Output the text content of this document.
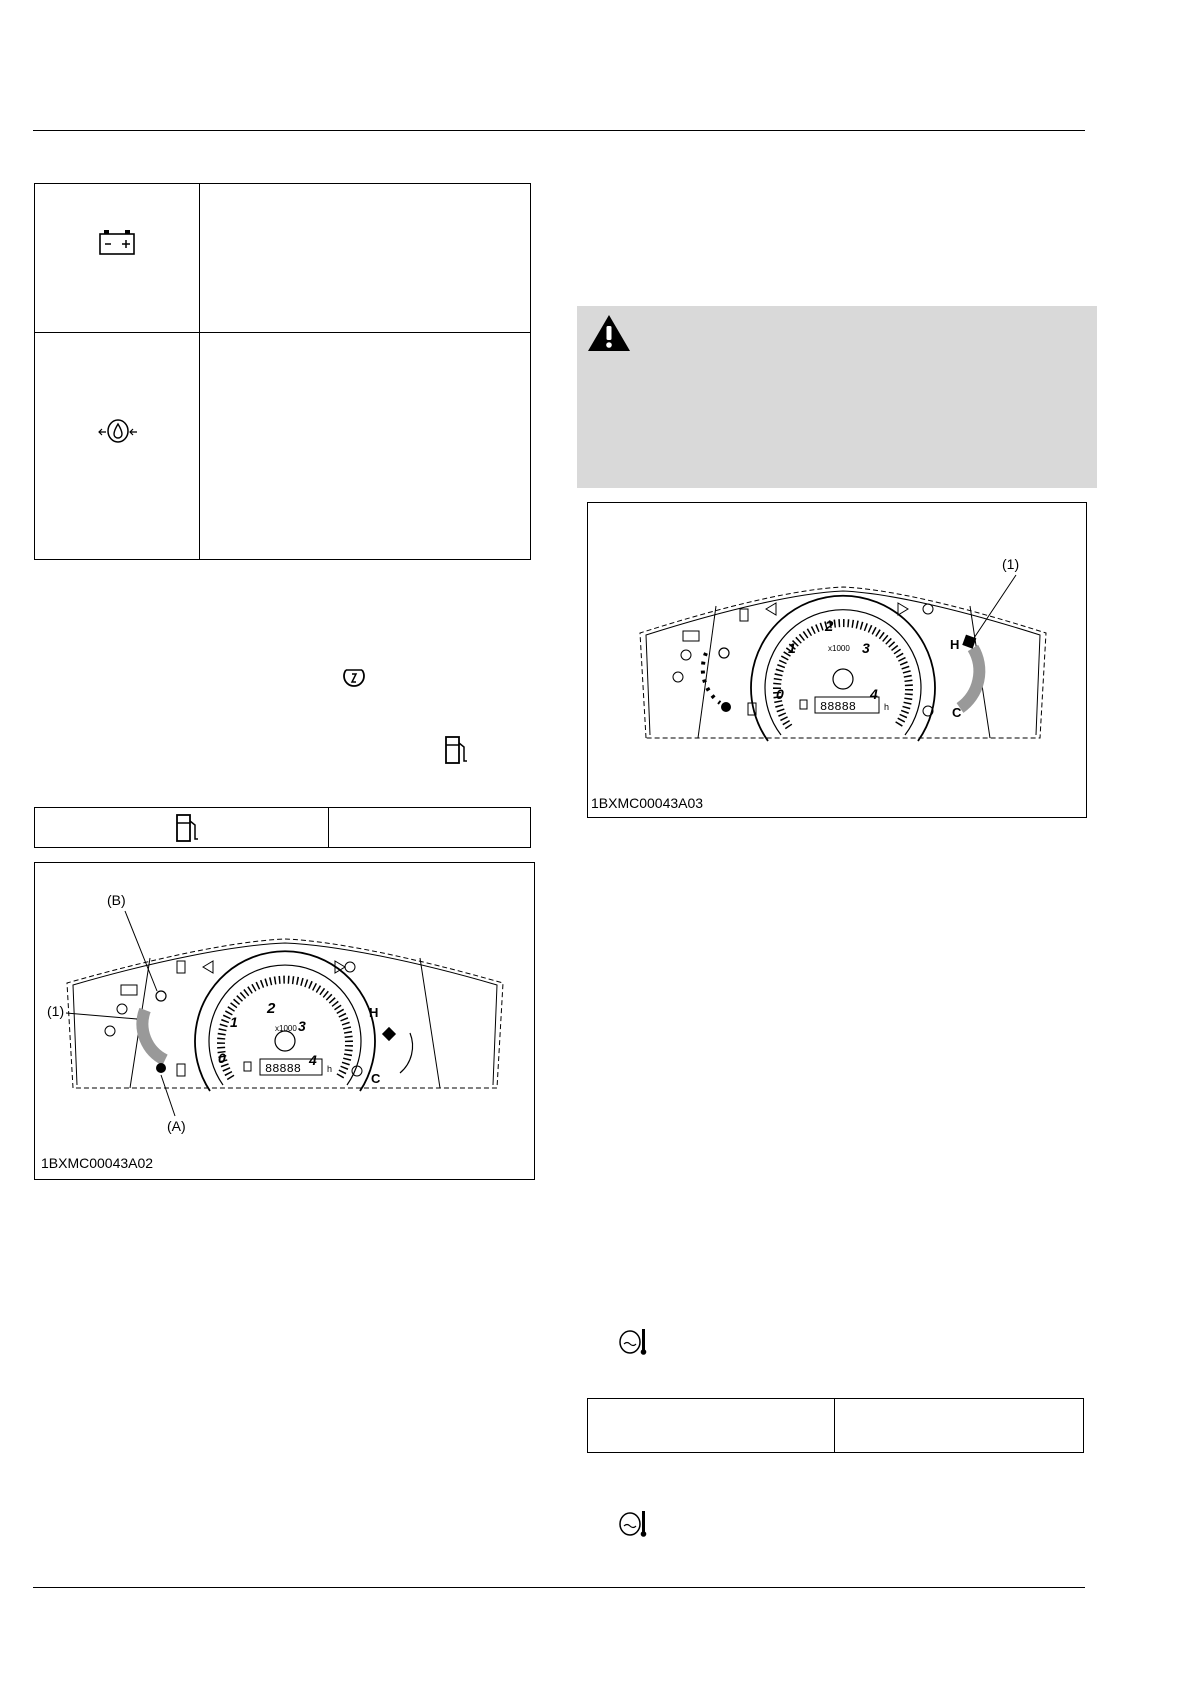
0
1
2
3
4
x1000
88888	h
H
C
(B)
(1)
(A)
1BXMC00043A02
0
1
2
3
4
x1000
88888	h
H
C
(1)
1BXMC00043A03
